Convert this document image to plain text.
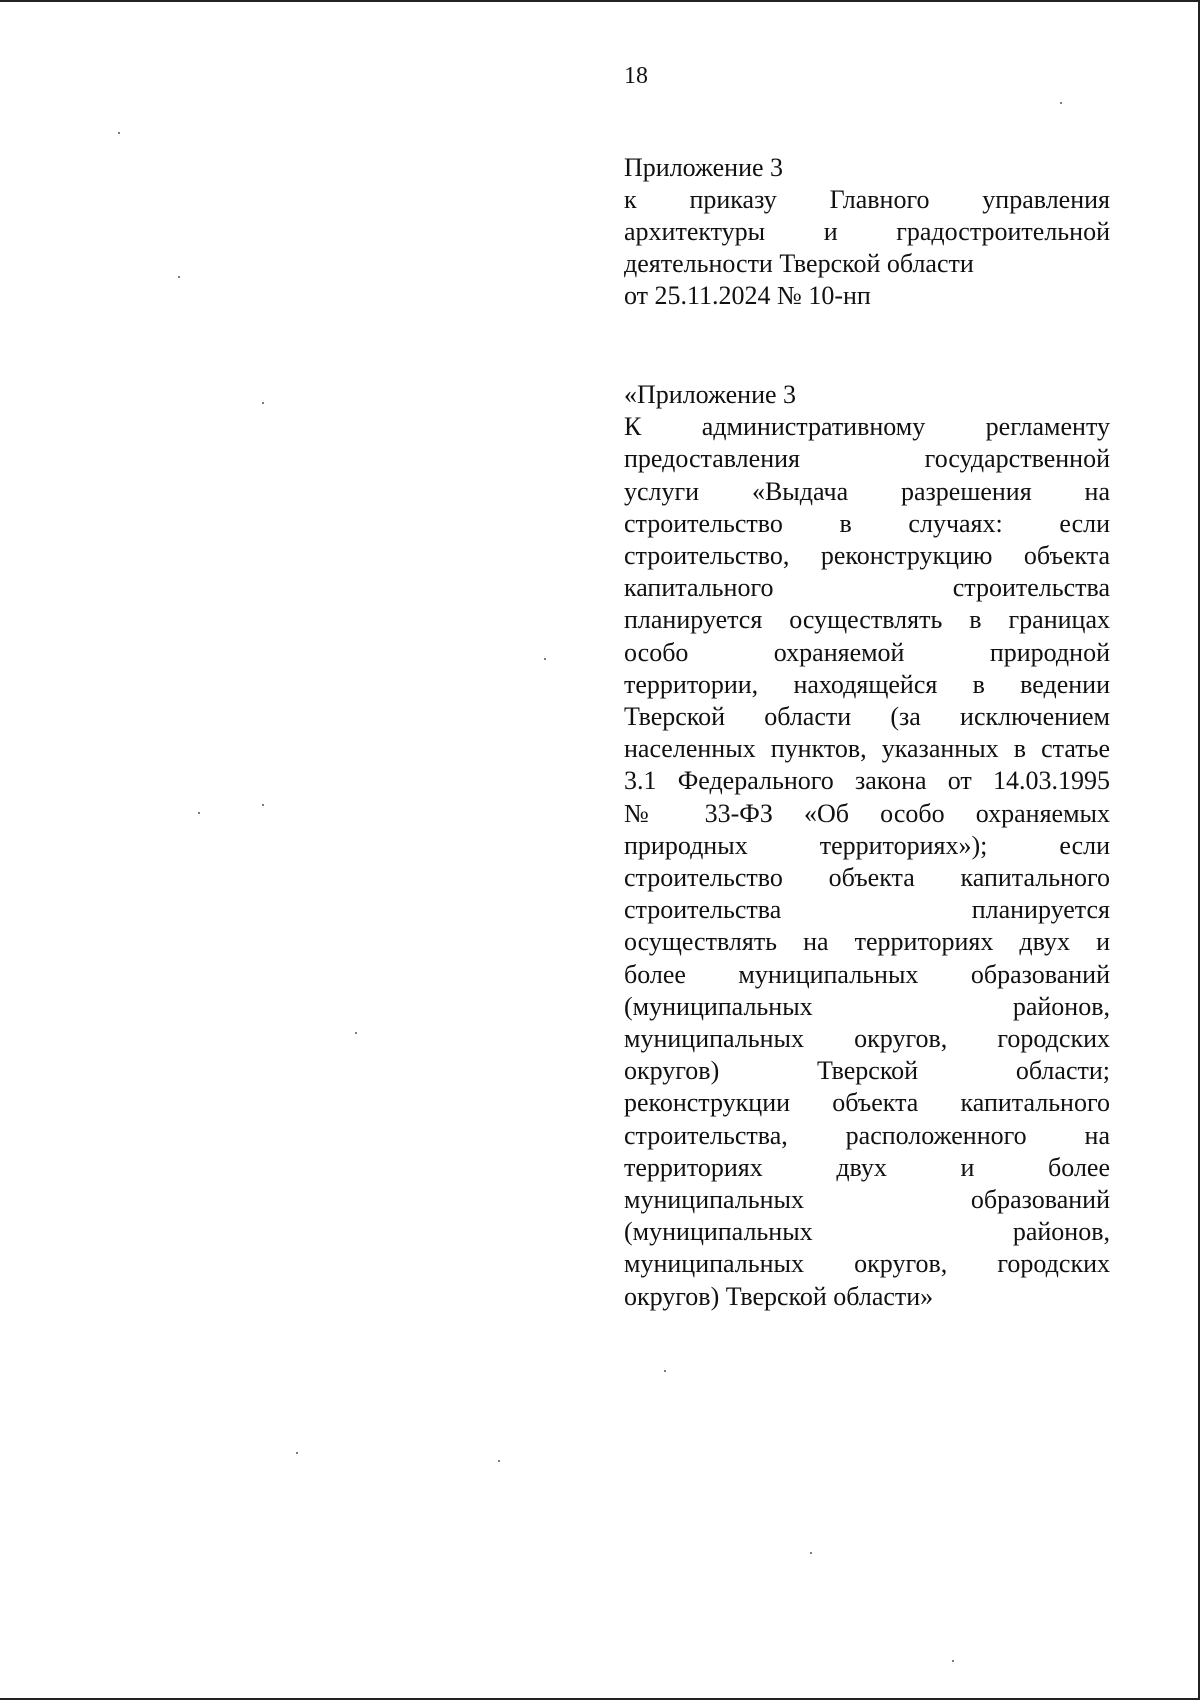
18
Приложение 3
к приказу Главного управления
архитектуры и градостроительной
деятельности Тверской области
от 25.11.2024 № 10-нп
«Приложение 3
К административному регламенту
предоставления государственной
услуги «Выдача разрешения на
строительство в случаях: если
строительство, реконструкцию объекта
капитального строительства
планируется осуществлять в границах
особо охраняемой природной
территории, находящейся в ведении
Тверской области (за исключением
населенных пунктов, указанных в статье
3.1 Федерального закона от 14.03.1995
№ 33-ФЗ «Об особо охраняемых
природных территориях»); если
строительство объекта капитального
строительства планируется
осуществлять на территориях двух и
более муниципальных образований
(муниципальных районов,
муниципальных округов, городских
округов) Тверской области;
реконструкции объекта капитального
строительства, расположенного на
территориях двух и более
муниципальных образований
(муниципальных районов,
муниципальных округов, городских
округов) Тверской области»
